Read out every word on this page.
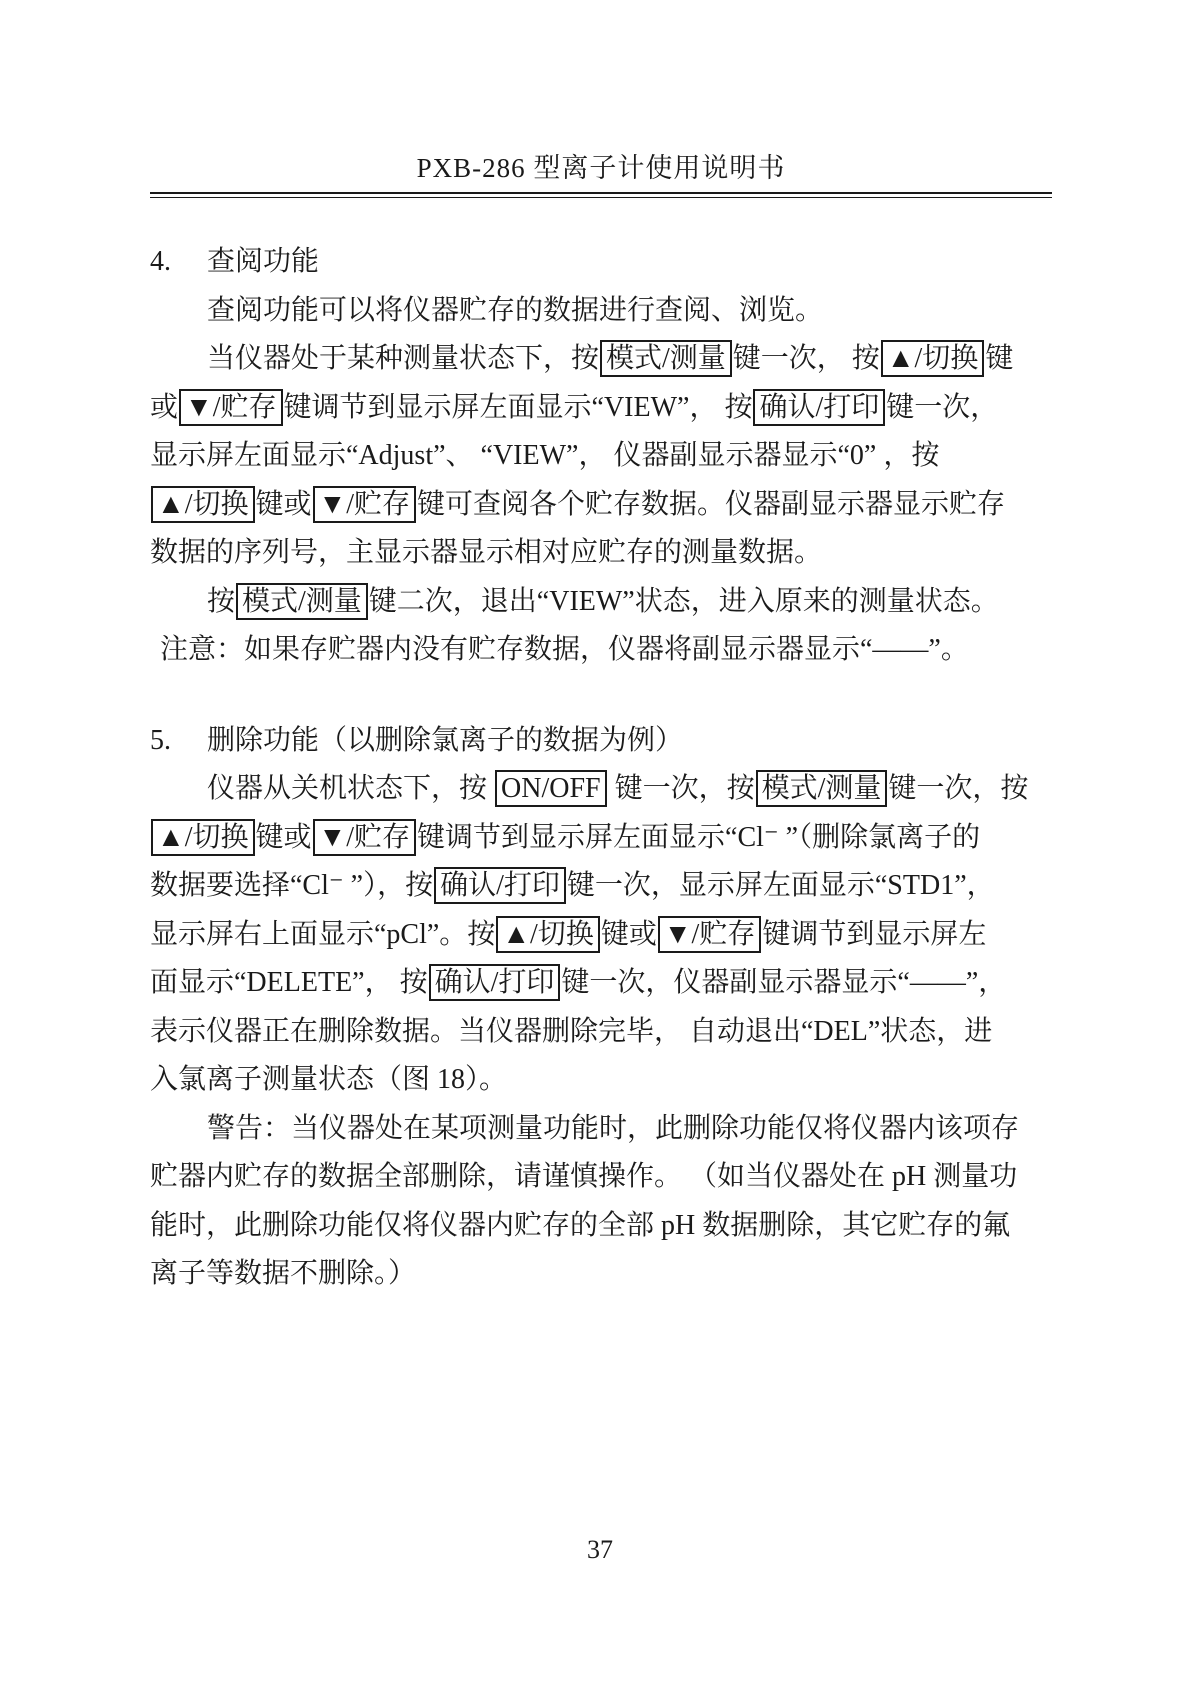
PXB-286 型离子计使用说明书
4. 查阅功能
查阅功能可以将仪器贮存的数据进行查阅、浏览。
当仪器处于某种测量状态下，按 模式/测量 键一次， 按 ▲/切换 键
或 ▼/贮存 键调节到显示屏左面显示“VIEW”， 按 确认/打印 键一次，
显示屏左面显示“Adjust”、 “VIEW”， 仪器副显示器显示“0” ，按
▲/切换 键或 ▼/贮存 键可查阅各个贮存数据。仪器副显示器显示贮存
数据的序列号，主显示器显示相对应贮存的测量数据。
按 模式/测量 键二次，退出“VIEW”状态，进入原来的测量状态。
注意：如果存贮器内没有贮存数据，仪器将副显示器显示“——”。
5. 删除功能（以删除氯离子的数据为例）
仪器从关机状态下，按 ON/OFF 键一次，按 模式/测量 键一次，按
▲/切换 键或 ▼/贮存 键调节到显示屏左面显示“Cl⁻ ”（删除氯离子的
数据要选择“Cl⁻ ”），按 确认/打印 键一次，显示屏左面显示“STD1”，
显示屏右上面显示“pCl”。按 ▲/切换 键或 ▼/贮存 键调节到显示屏左
面显示“DELETE”， 按 确认/打印 键一次，仪器副显示器显示“——”，
表示仪器正在删除数据。当仪器删除完毕， 自动退出“DEL”状态，进
入氯离子测量状态（图 18）。
警告：当仪器处在某项测量功能时，此删除功能仅将仪器内该项存
贮器内贮存的数据全部删除，请谨慎操作。 （如当仪器处在 pH 测量功
能时，此删除功能仅将仪器内贮存的全部 pH 数据删除，其它贮存的氟
离子等数据不删除。）
37
